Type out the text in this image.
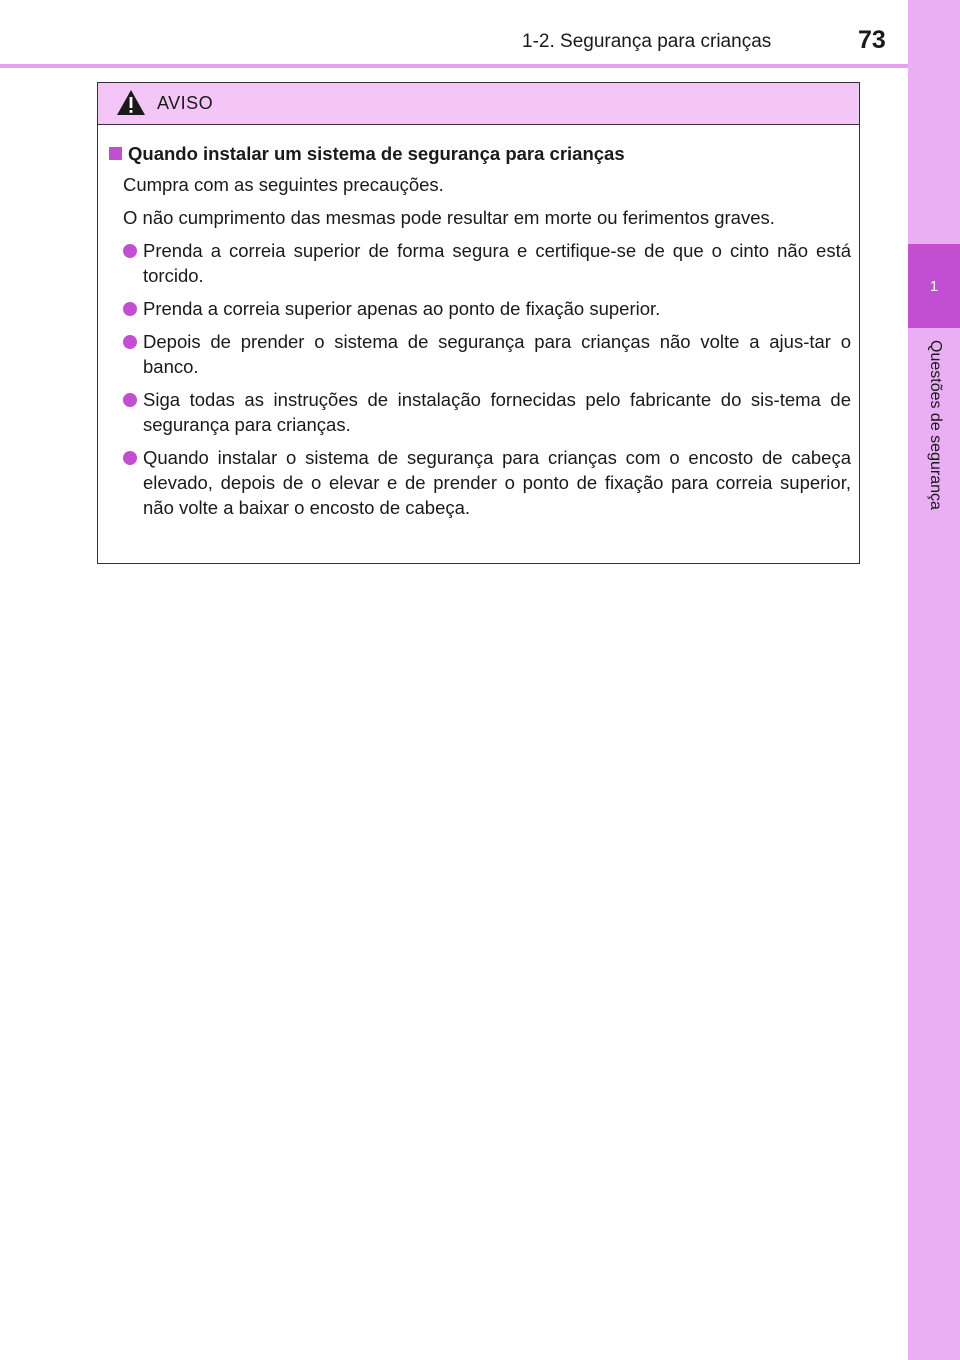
1-2. Segurança para crianças	73
1
Questões de segurança
AVISO
Quando instalar um sistema de segurança para crianças

Cumpra com as seguintes precauções.

O não cumprimento das mesmas pode resultar em morte ou ferimentos graves.

Prenda a correia superior de forma segura e certifique-se de que o cinto não está torcido.
Prenda a correia superior apenas ao ponto de fixação superior.
Depois de prender o sistema de segurança para crianças não volte a ajus-tar o banco.
Siga todas as instruções de instalação fornecidas pelo fabricante do sis-tema de segurança para crianças.
Quando instalar o sistema de segurança para crianças com o encosto de cabeça elevado, depois de o elevar e de prender o ponto de fixação para correia superior, não volte a baixar o encosto de cabeça.
